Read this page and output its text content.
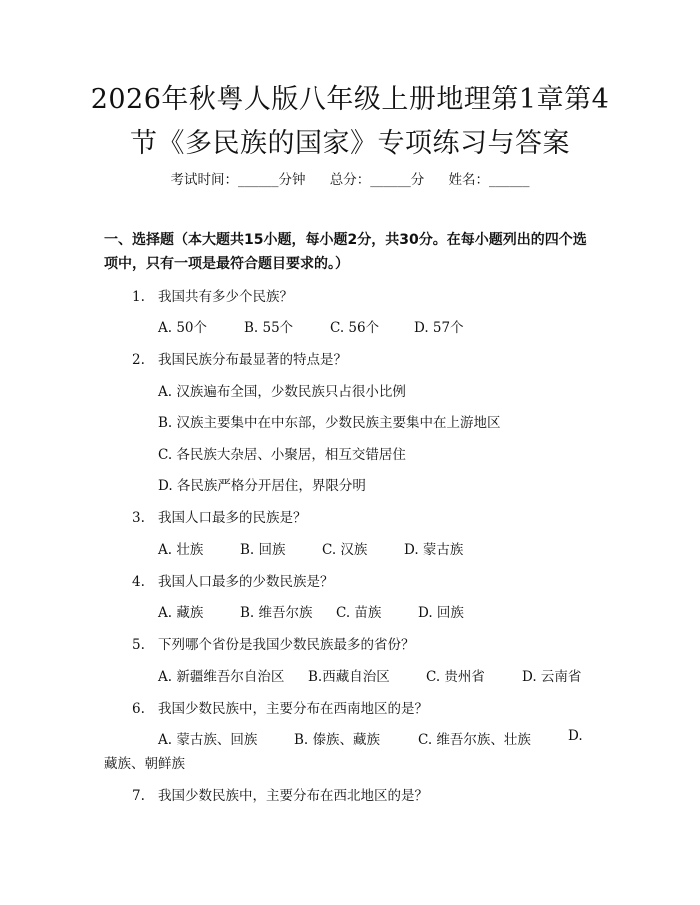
2026年秋粤人版八年级上册地理第1章第4
节《多民族的国家》专项练习与答案
考试时间：______分钟 总分：______分 姓名：______
一、选择题（本大题共15小题，每小题2分，共30分。在每小题列出的四个选
项中，只有一项是最符合题目要求的。）
1. 我国共有多少个民族？
A. 50个	B. 55个	C. 56个	D. 57个
2. 我国民族分布最显著的特点是？
A. 汉族遍布全国，少数民族只占很小比例
B. 汉族主要集中在中东部，少数民族主要集中在上游地区
C. 各民族大杂居、小聚居，相互交错居住
D. 各民族严格分开居住，界限分明
3. 我国人口最多的民族是？
A. 壮族	B. 回族	C. 汉族	D. 蒙古族
4. 我国人口最多的少数民族是？
A. 藏族	B. 维吾尔族 C. 苗族	D. 回族
5. 下列哪个省份是我国少数民族最多的省份？
A. 新疆维吾尔自治区 B.西藏自治区	C. 贵州省	D. 云南省
6. 我国少数民族中，主要分布在西南地区的是？
A. 蒙古族、回族	B. 傣族、藏族	C. 维吾尔族、壮族	D.
藏族、朝鲜族
7. 我国少数民族中，主要分布在西北地区的是？
